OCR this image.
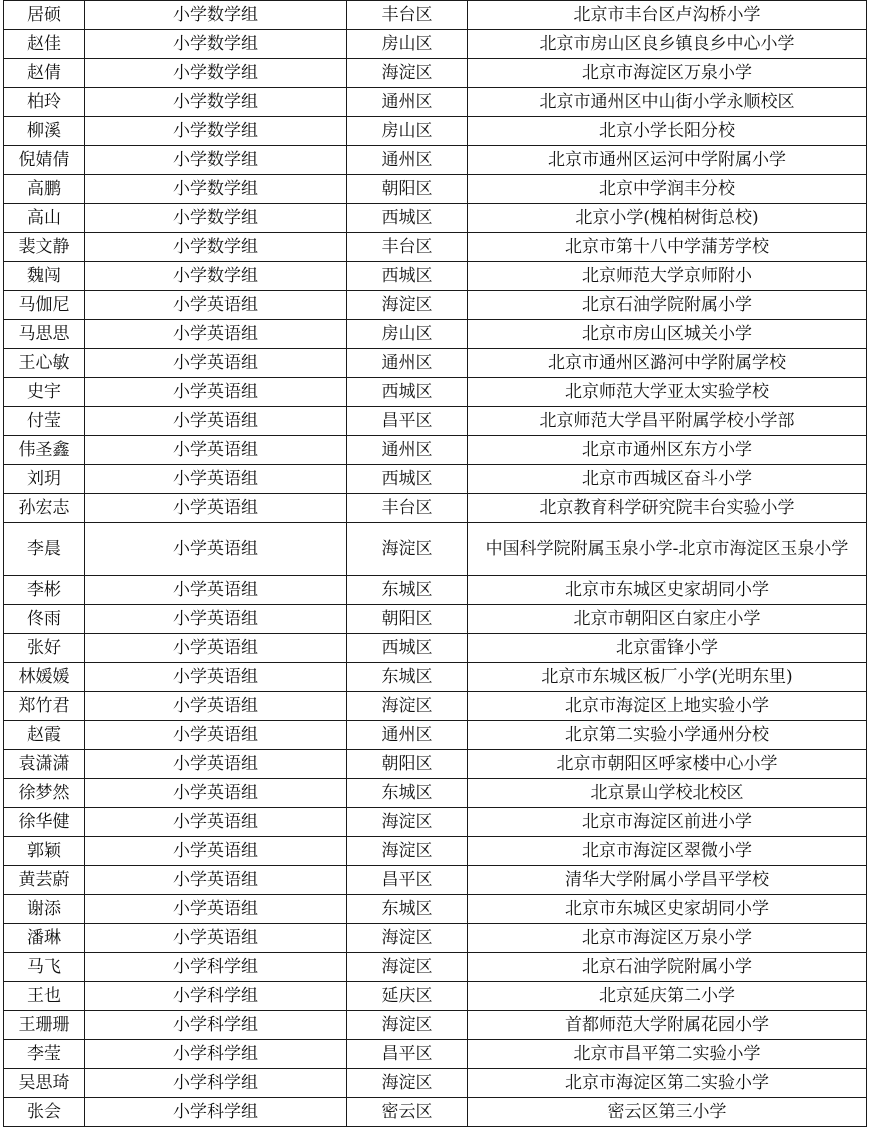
居硕	小学数学组	丰台区	北京市丰台区卢沟桥小学
赵佳	小学数学组	房山区	北京市房山区良乡镇良乡中心小学
赵倩	小学数学组	海淀区	北京市海淀区万泉小学
柏玲	小学数学组	通州区	北京市通州区中山街小学永顺校区
柳溪	小学数学组	房山区	北京小学长阳分校
倪婧倩	小学数学组	通州区	北京市通州区运河中学附属小学
高鹏	小学数学组	朝阳区	北京中学润丰分校
高山	小学数学组	西城区	北京小学(槐柏树街总校)
裴文静	小学数学组	丰台区	北京市第十八中学蒲芳学校
魏闯	小学数学组	西城区	北京师范大学京师附小
马伽尼	小学英语组	海淀区	北京石油学院附属小学
马思思	小学英语组	房山区	北京市房山区城关小学
王心敏	小学英语组	通州区	北京市通州区潞河中学附属学校
史宇	小学英语组	西城区	北京师范大学亚太实验学校
付莹	小学英语组	昌平区	北京师范大学昌平附属学校小学部
伟圣鑫	小学英语组	通州区	北京市通州区东方小学
刘玥	小学英语组	西城区	北京市西城区奋斗小学
孙宏志	小学英语组	丰台区	北京教育科学研究院丰台实验小学
李晨	小学英语组	海淀区	中国科学院附属玉泉小学-北京市海淀区玉泉小学
李彬	小学英语组	东城区	北京市东城区史家胡同小学
佟雨	小学英语组	朝阳区	北京市朝阳区白家庄小学
张好	小学英语组	西城区	北京雷锋小学
林媛媛	小学英语组	东城区	北京市东城区板厂小学(光明东里)
郑竹君	小学英语组	海淀区	北京市海淀区上地实验小学
赵霞	小学英语组	通州区	北京第二实验小学通州分校
袁潇潇	小学英语组	朝阳区	北京市朝阳区呼家楼中心小学
徐梦然	小学英语组	东城区	北京景山学校北校区
徐华健	小学英语组	海淀区	北京市海淀区前进小学
郭颖	小学英语组	海淀区	北京市海淀区翠微小学
黄芸蔚	小学英语组	昌平区	清华大学附属小学昌平学校
谢添	小学英语组	东城区	北京市东城区史家胡同小学
潘琳	小学英语组	海淀区	北京市海淀区万泉小学
马飞	小学科学组	海淀区	北京石油学院附属小学
王也	小学科学组	延庆区	北京延庆第二小学
王珊珊	小学科学组	海淀区	首都师范大学附属花园小学
李莹	小学科学组	昌平区	北京市昌平第二实验小学
吴思琦	小学科学组	海淀区	北京市海淀区第二实验小学
张会	小学科学组	密云区	密云区第三小学
